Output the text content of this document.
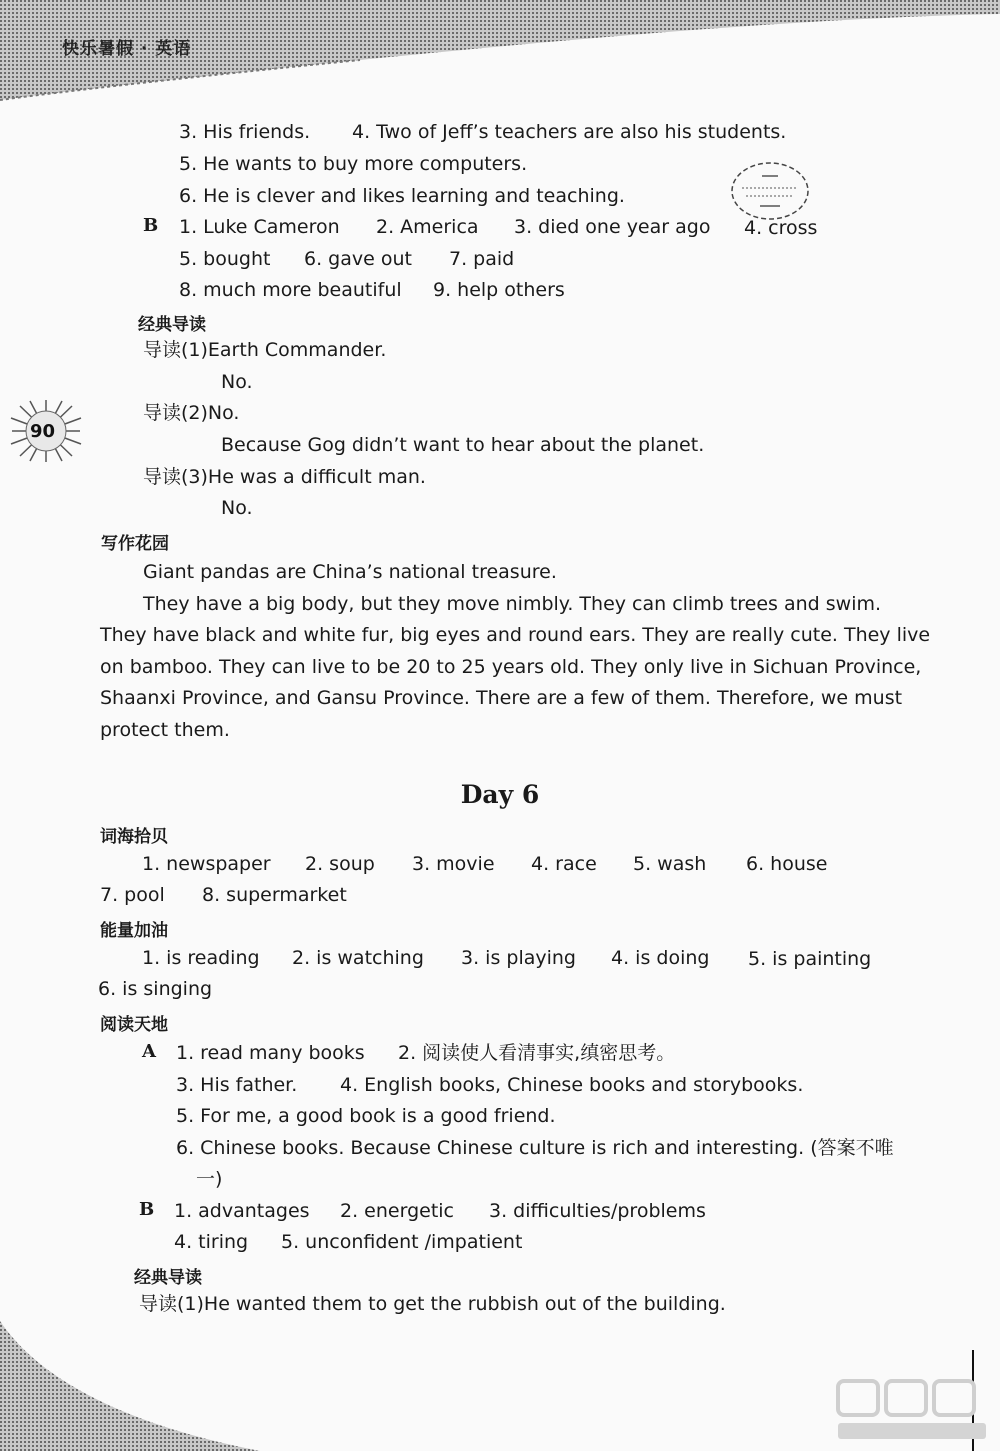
快乐暑假 · 英语
90
3. His friends. 4. Two of Jeff’s teachers are also his students.
5. He wants to buy more computers.
6. He is clever and likes learning and teaching.
B 1. Luke Cameron 2. America 3. died one year ago 4. cross
5. bought 6. gave out 7. paid
8. much more beautiful 9. help others
经典导读
导读(1)Earth Commander.
No.
导读(2)No.
Because Gog didn’t want to hear about the planet.
导读(3)He was a difficult man.
No.
写作花园
Giant pandas are China’s national treasure.
They have a big body, but they move nimbly. They can climb trees and swim.
They have black and white fur, big eyes and round ears. They are really cute. They live
on bamboo. They can live to be 20 to 25 years old. They only live in Sichuan Province,
Shaanxi Province, and Gansu Province. There are a few of them. Therefore, we must
protect them.
Day 6
词海拾贝
1. newspaper 2. soup 3. movie 4. race 5. wash 6. house
7. pool 8. supermarket
能量加油
1. is reading 2. is watching 3. is playing 4. is doing 5. is painting
6. is singing
阅读天地
A 1. read many books 2. 阅读使人看清事实,缜密思考。
3. His father. 4. English books, Chinese books and storybooks.
5. For me, a good book is a good friend.
6. Chinese books. Because Chinese culture is rich and interesting. (答案不唯
一)
B 1. advantages 2. energetic 3. difficulties/problems
4. tiring 5. unconfident /impatient
经典导读
导读(1)He wanted them to get the rubbish out of the building.
